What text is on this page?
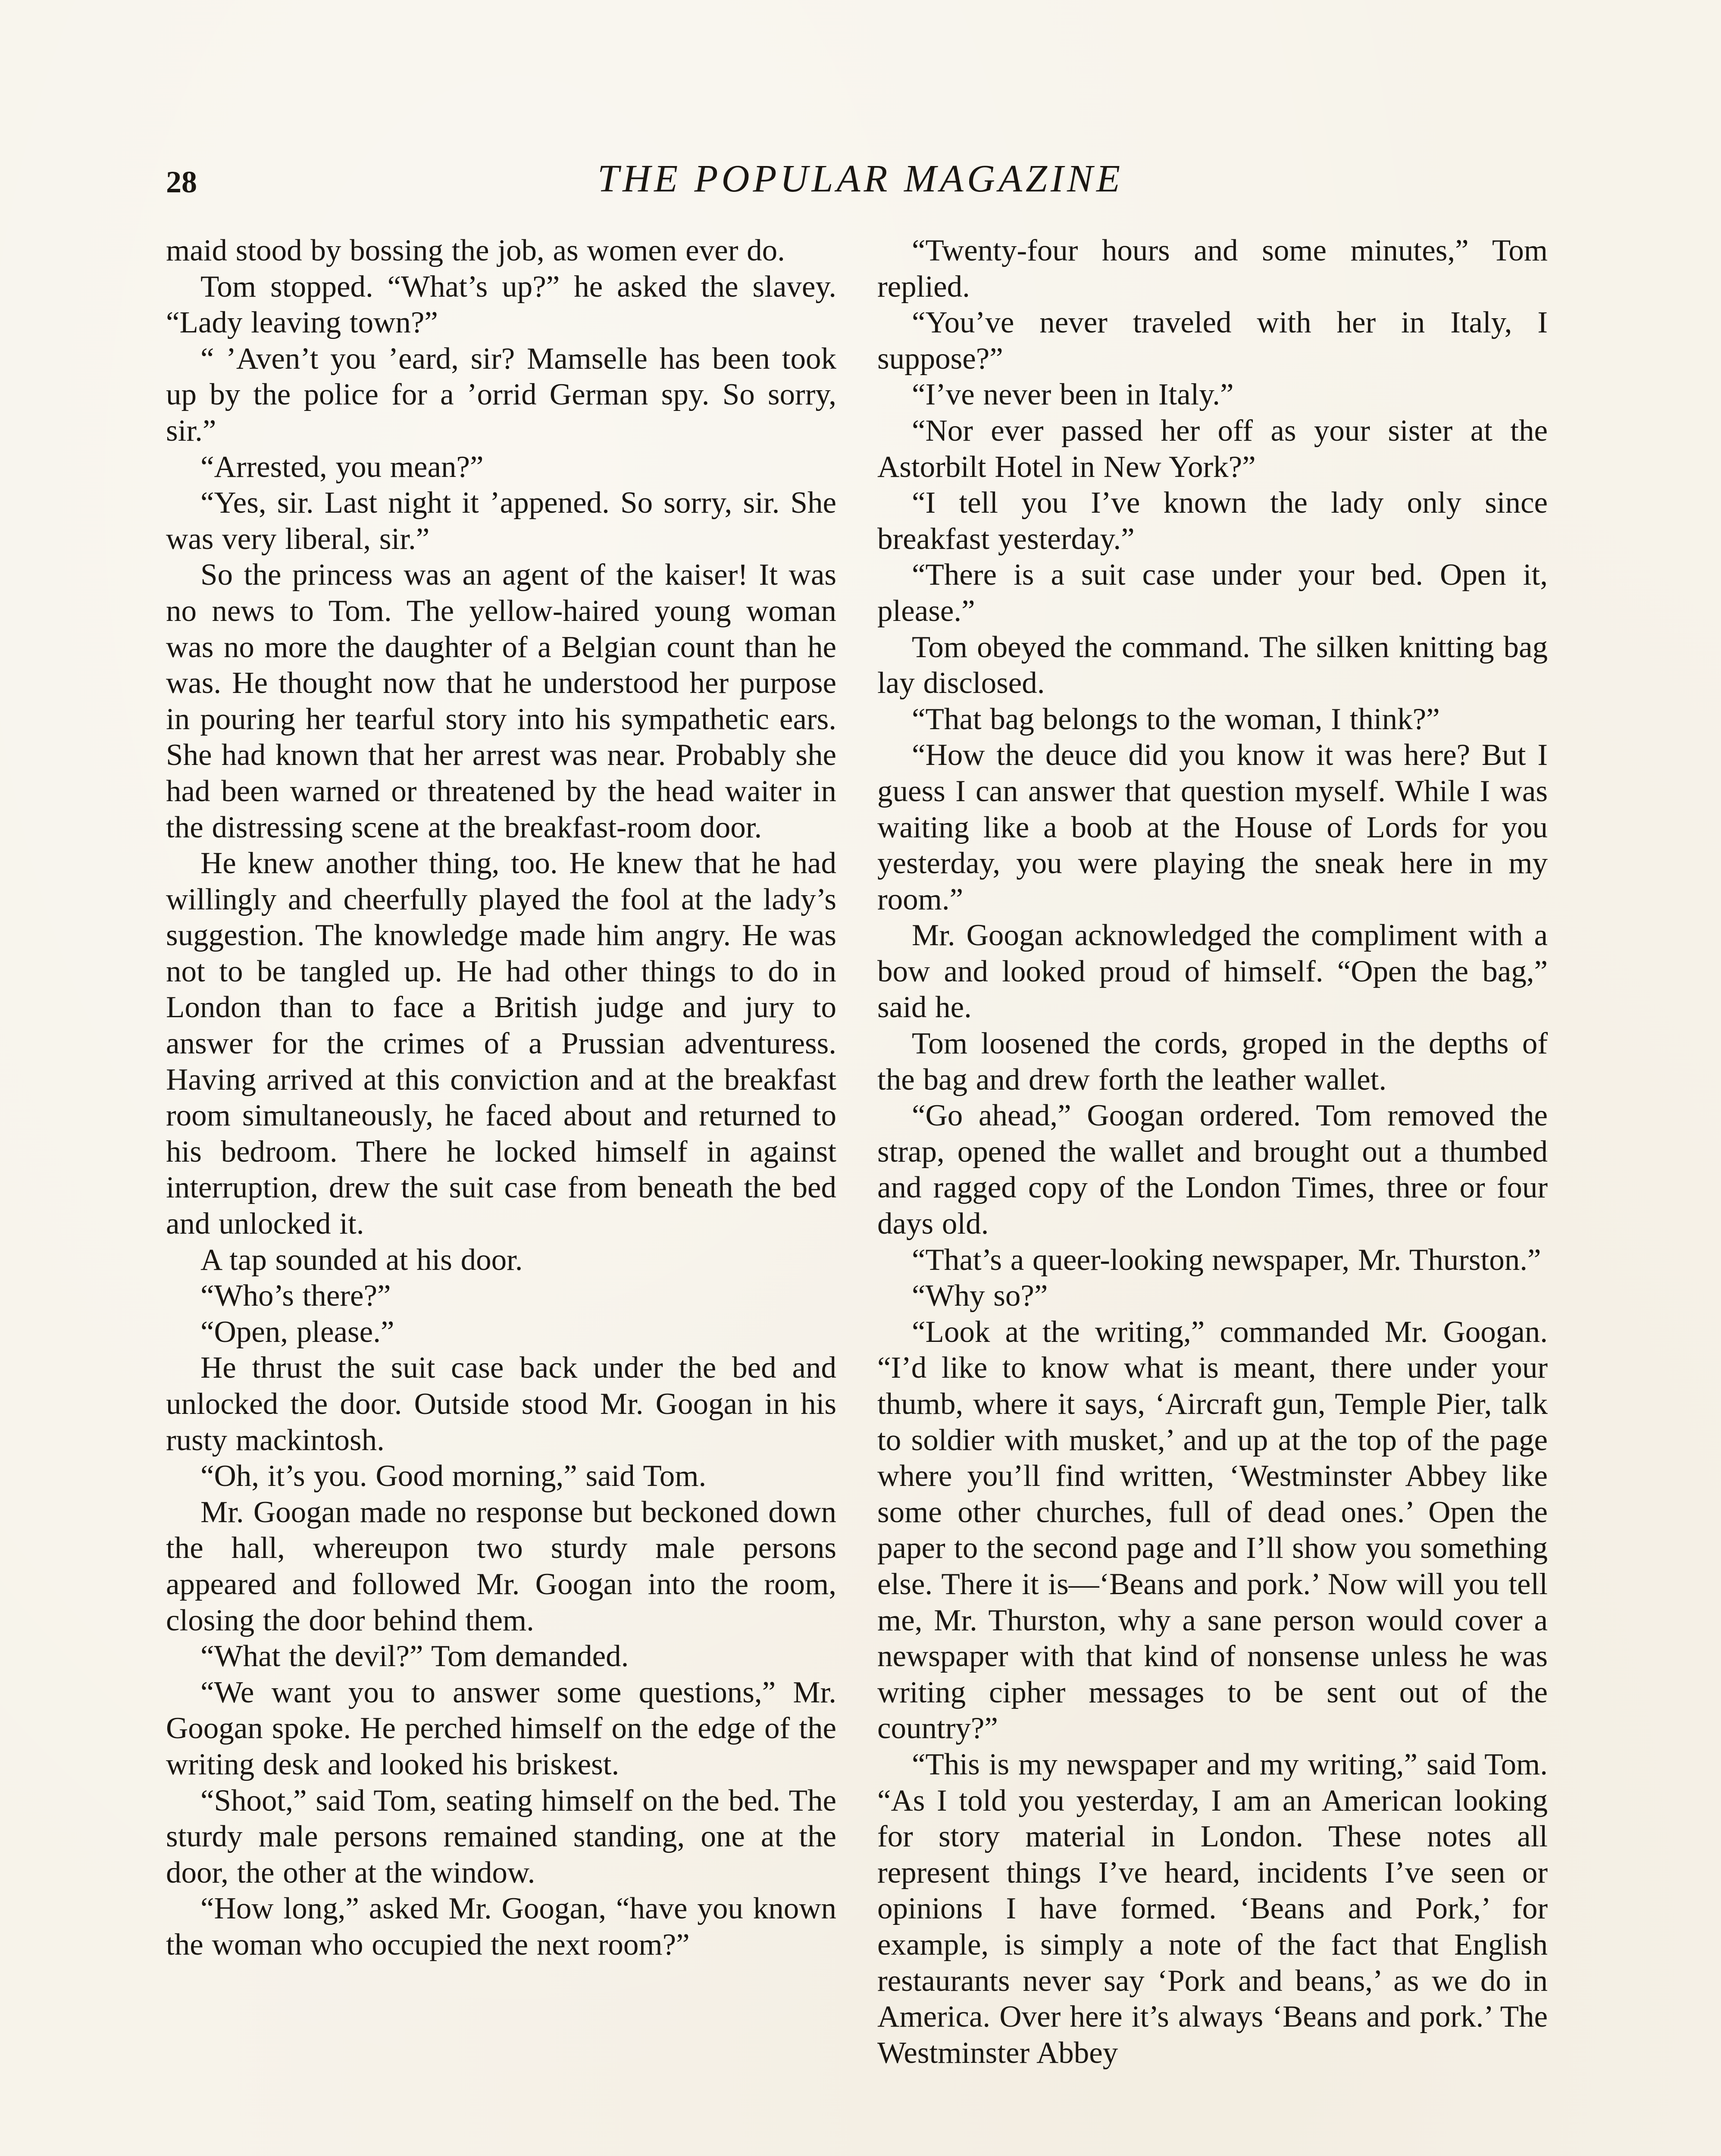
28	THE POPULAR MAGAZINE

maid stood by bossing the job, as women ever do.

Tom stopped. “What’s up?” he asked the slavey. “Lady leaving town?”

“ ’Aven’t you ’eard, sir? Mamselle has been took up by the police for a ’orrid German spy. So sorry, sir.”

“Arrested, you mean?”

“Yes, sir. Last night it ’appened. So sorry, sir. She was very liberal, sir.”

So the princess was an agent of the kaiser! It was no news to Tom. The yellow-haired young woman was no more the daughter of a Belgian count than he was. He thought now that he understood her purpose in pouring her tearful story into his sympathetic ears. She had known that her arrest was near. Probably she had been warned or threatened by the head waiter in the distressing scene at the breakfast-room door.

He knew another thing, too. He knew that he had willingly and cheerfully played the fool at the lady’s suggestion. The knowledge made him angry. He was not to be tangled up. He had other things to do in London than to face a British judge and jury to answer for the crimes of a Prussian adventuress. Having arrived at this conviction and at the breakfast room simultaneously, he faced about and returned to his bedroom. There he locked himself in against interruption, drew the suit case from beneath the bed and unlocked it.

A tap sounded at his door.

“Who’s there?”

“Open, please.”

He thrust the suit case back under the bed and unlocked the door. Outside stood Mr. Googan in his rusty mackintosh.

“Oh, it’s you. Good morning,” said Tom.

Mr. Googan made no response but beckoned down the hall, whereupon two sturdy male persons appeared and followed Mr. Googan into the room, closing the door behind them.

“What the devil?” Tom demanded.

“We want you to answer some questions,” Mr. Googan spoke. He perched himself on the edge of the writing desk and looked his briskest.

“Shoot,” said Tom, seating himself on the bed. The sturdy male persons remained standing, one at the door, the other at the window.

“How long,” asked Mr. Googan, “have you known the woman who occupied the next room?”

“Twenty-four hours and some minutes,” Tom replied.

“You’ve never traveled with her in Italy, I suppose?”

“I’ve never been in Italy.”

“Nor ever passed her off as your sister at the Astorbilt Hotel in New York?”

“I tell you I’ve known the lady only since breakfast yesterday.”

“There is a suit case under your bed. Open it, please.”

Tom obeyed the command. The silken knitting bag lay disclosed.

“That bag belongs to the woman, I think?”

“How the deuce did you know it was here? But I guess I can answer that question myself. While I was waiting like a boob at the House of Lords for you yesterday, you were playing the sneak here in my room.”

Mr. Googan acknowledged the compliment with a bow and looked proud of himself. “Open the bag,” said he.

Tom loosened the cords, groped in the depths of the bag and drew forth the leather wallet.

“Go ahead,” Googan ordered. Tom removed the strap, opened the wallet and brought out a thumbed and ragged copy of the London Times, three or four days old.

“That’s a queer-looking newspaper, Mr. Thurston.”

“Why so?”

“Look at the writing,” commanded Mr. Googan. “I’d like to know what is meant, there under your thumb, where it says, ‘Aircraft gun, Temple Pier, talk to soldier with musket,’ and up at the top of the page where you’ll find written, ‘Westminster Abbey like some other churches, full of dead ones.’ Open the paper to the second page and I’ll show you something else. There it is—‘Beans and pork.’ Now will you tell me, Mr. Thurston, why a sane person would cover a newspaper with that kind of nonsense unless he was writing cipher messages to be sent out of the country?”

“This is my newspaper and my writing,” said Tom. “As I told you yesterday, I am an American looking for story material in London. These notes all represent things I’ve heard, incidents I’ve seen or opinions I have formed. ‘Beans and Pork,’ for example, is simply a note of the fact that English restaurants never say ‘Pork and beans,’ as we do in America. Over here it’s always ‘Beans and pork.’ The Westminster Abbey
